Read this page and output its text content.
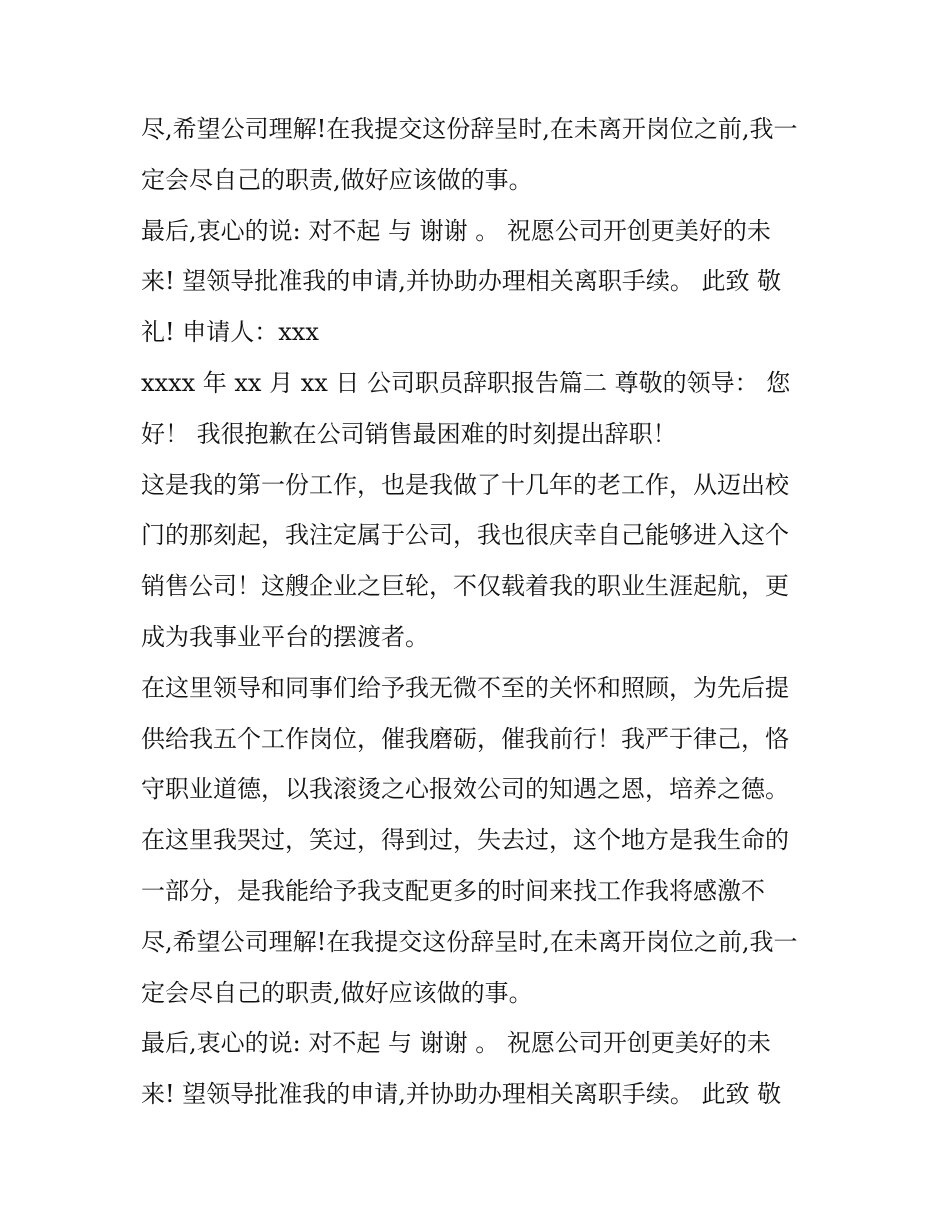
尽,希望公司理解!在我提交这份辞呈时,在未离开岗位之前,我一
定会尽自己的职责,做好应该做的事。
最后,衷心的说: 对不起 与 谢谢 。 祝愿公司开创更美好的未
来! 望领导批准我的申请,并协助办理相关离职手续。 此致 敬
礼! 申请人：xxx
xxxx 年 xx 月 xx 日 公司职员辞职报告篇二 尊敬的领导： 您
好！ 我很抱歉在公司销售最困难的时刻提出辞职！
这是我的第一份工作，也是我做了十几年的老工作，从迈出校
门的那刻起，我注定属于公司，我也很庆幸自己能够进入这个
销售公司！这艘企业之巨轮，不仅载着我的职业生涯起航，更
成为我事业平台的摆渡者。
在这里领导和同事们给予我无微不至的关怀和照顾，为先后提
供给我五个工作岗位，催我磨砺，催我前行！我严于律己，恪
守职业道德，以我滚烫之心报效公司的知遇之恩，培养之德。
在这里我哭过，笑过，得到过，失去过，这个地方是我生命的
一部分，是我能给予我支配更多的时间来找工作我将感激不
尽,希望公司理解!在我提交这份辞呈时,在未离开岗位之前,我一
定会尽自己的职责,做好应该做的事。
最后,衷心的说: 对不起 与 谢谢 。 祝愿公司开创更美好的未
来! 望领导批准我的申请,并协助办理相关离职手续。 此致 敬
